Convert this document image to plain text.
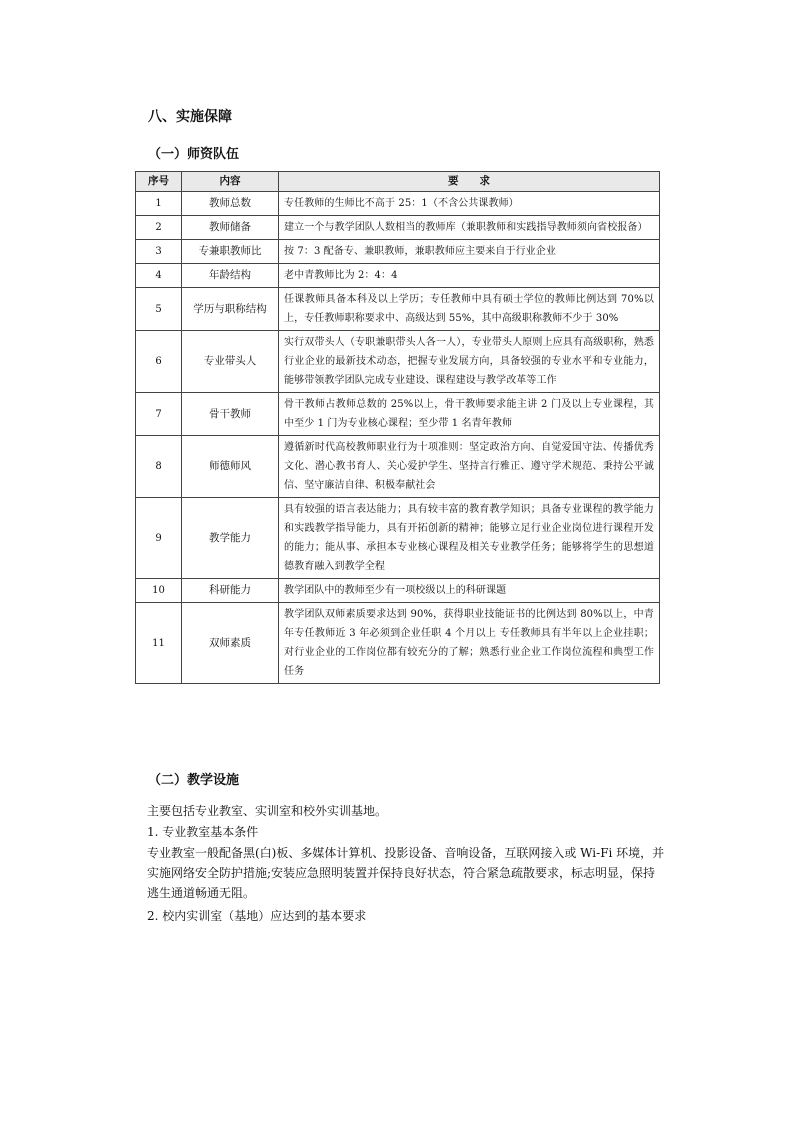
八、实施保障
（一）师资队伍
序号	内容	要　　求
1	教师总数	专任教师的生师比不高于 25：1（不含公共课教师）
2	教师储备	建立一个与教学团队人数相当的教师库（兼职教师和实践指导教师须向省校报备）
3	专兼职教师比	按 7：3 配备专、兼职教师，兼职教师应主要来自于行业企业
4	年龄结构	老中青教师比为 2：4：4
5	学历与职称结构	任课教师具备本科及以上学历；专任教师中具有硕士学位的教师比例达到 70%以上，专任教师职称要求中、高级达到 55%，其中高级职称教师不少于 30%
6	专业带头人	实行双带头人（专职兼职带头人各一人），专业带头人原则上应具有高级职称，熟悉行业企业的最新技术动态，把握专业发展方向，具备较强的专业水平和专业能力，能够带领教学团队完成专业建设、课程建设与教学改革等工作
7	骨干教师	骨干教师占教师总数的 25%以上，骨干教师要求能主讲 2 门及以上专业课程，其中至少 1 门为专业核心课程；至少带 1 名青年教师
8	师德师风	遵循新时代高校教师职业行为十项准则：坚定政治方向、自觉爱国守法、传播优秀文化、潜心教书育人、关心爱护学生、坚持言行雅正、遵守学术规范、秉持公平诚信、坚守廉洁自律、积极奉献社会
9	教学能力	具有较强的语言表达能力；具有较丰富的教育教学知识；具备专业课程的教学能力和实践教学指导能力，具有开拓创新的精神；能够立足行业企业岗位进行课程开发的能力；能从事、承担本专业核心课程及相关专业教学任务；能够将学生的思想道德教育融入到教学全程
10	科研能力	教学团队中的教师至少有一项校级以上的科研课题
11	双师素质	教学团队双师素质要求达到 90%，获得职业技能证书的比例达到 80%以上，中青年专任教师近 3 年必须到企业任职 4 个月以上 专任教师具有半年以上企业挂职；对行业企业的工作岗位都有较充分的了解；熟悉行业企业工作岗位流程和典型工作任务
（二）教学设施
主要包括专业教室、实训室和校外实训基地。
1. 专业教室基本条件
专业教室一般配备黑(白)板、多媒体计算机、投影设备、音响设备，互联网接入或 Wi-Fi 环境，并实施网络安全防护措施;安装应急照明装置并保持良好状态，符合紧急疏散要求，标志明显，保持逃生通道畅通无阻。
2. 校内实训室（基地）应达到的基本要求
